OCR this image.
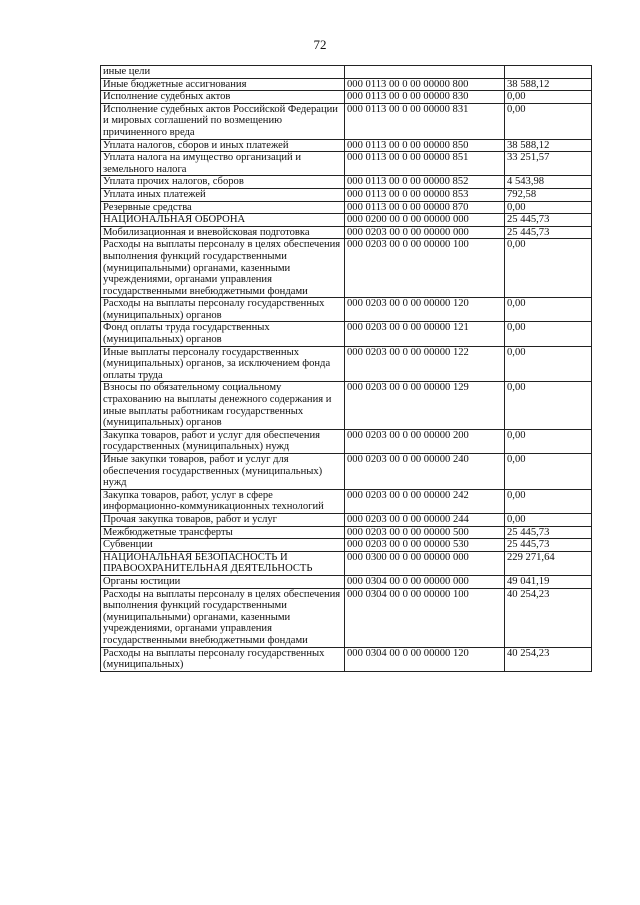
72
иные цели		
Иные бюджетные ассигнования	000 0113 00 0 00 00000 800	38 588,12
Исполнение судебных актов	000 0113 00 0 00 00000 830	0,00
Исполнение судебных актов Российской Федерации и мировых соглашений по возмещению причиненного вреда	000 0113 00 0 00 00000 831	0,00
Уплата налогов, сборов и иных платежей	000 0113 00 0 00 00000 850	38 588,12
Уплата налога на имущество организаций и земельного налога	000 0113 00 0 00 00000 851	33 251,57
Уплата прочих налогов, сборов	000 0113 00 0 00 00000 852	4 543,98
Уплата иных платежей	000 0113 00 0 00 00000 853	792,58
Резервные средства	000 0113 00 0 00 00000 870	0,00
НАЦИОНАЛЬНАЯ ОБОРОНА	000 0200 00 0 00 00000 000	25 445,73
Мобилизационная и вневойсковая подготовка	000 0203 00 0 00 00000 000	25 445,73
Расходы на выплаты персоналу в целях обеспечения выполнения функций государственными (муниципальными) органами, казенными учреждениями, органами управления государственными внебюджетными фондами	000 0203 00 0 00 00000 100	0,00
Расходы на выплаты персоналу государственных (муниципальных) органов	000 0203 00 0 00 00000 120	0,00
Фонд оплаты труда государственных (муниципальных) органов	000 0203 00 0 00 00000 121	0,00
Иные выплаты персоналу государственных (муниципальных) органов, за исключением фонда оплаты труда	000 0203 00 0 00 00000 122	0,00
Взносы по обязательному социальному страхованию на выплаты денежного содержания и иные выплаты работникам государственных (муниципальных) органов	000 0203 00 0 00 00000 129	0,00
Закупка товаров, работ и услуг для обеспечения государственных (муниципальных) нужд	000 0203 00 0 00 00000 200	0,00
Иные закупки товаров, работ и услуг для обеспечения государственных (муниципальных) нужд	000 0203 00 0 00 00000 240	0,00
Закупка товаров, работ, услуг в сфере информационно-коммуникационных технологий	000 0203 00 0 00 00000 242	0,00
Прочая закупка товаров, работ и услуг	000 0203 00 0 00 00000 244	0,00
Межбюджетные трансферты	000 0203 00 0 00 00000 500	25 445,73
Субвенции	000 0203 00 0 00 00000 530	25 445,73
НАЦИОНАЛЬНАЯ БЕЗОПАСНОСТЬ И ПРАВООХРАНИТЕЛЬНАЯ ДЕЯТЕЛЬНОСТЬ	000 0300 00 0 00 00000 000	229 271,64
Органы юстиции	000 0304 00 0 00 00000 000	49 041,19
Расходы на выплаты персоналу в целях обеспечения выполнения функций государственными (муниципальными) органами, казенными учреждениями, органами управления государственными внебюджетными фондами	000 0304 00 0 00 00000 100	40 254,23
Расходы на выплаты персоналу государственных (муниципальных)	000 0304 00 0 00 00000 120	40 254,23
